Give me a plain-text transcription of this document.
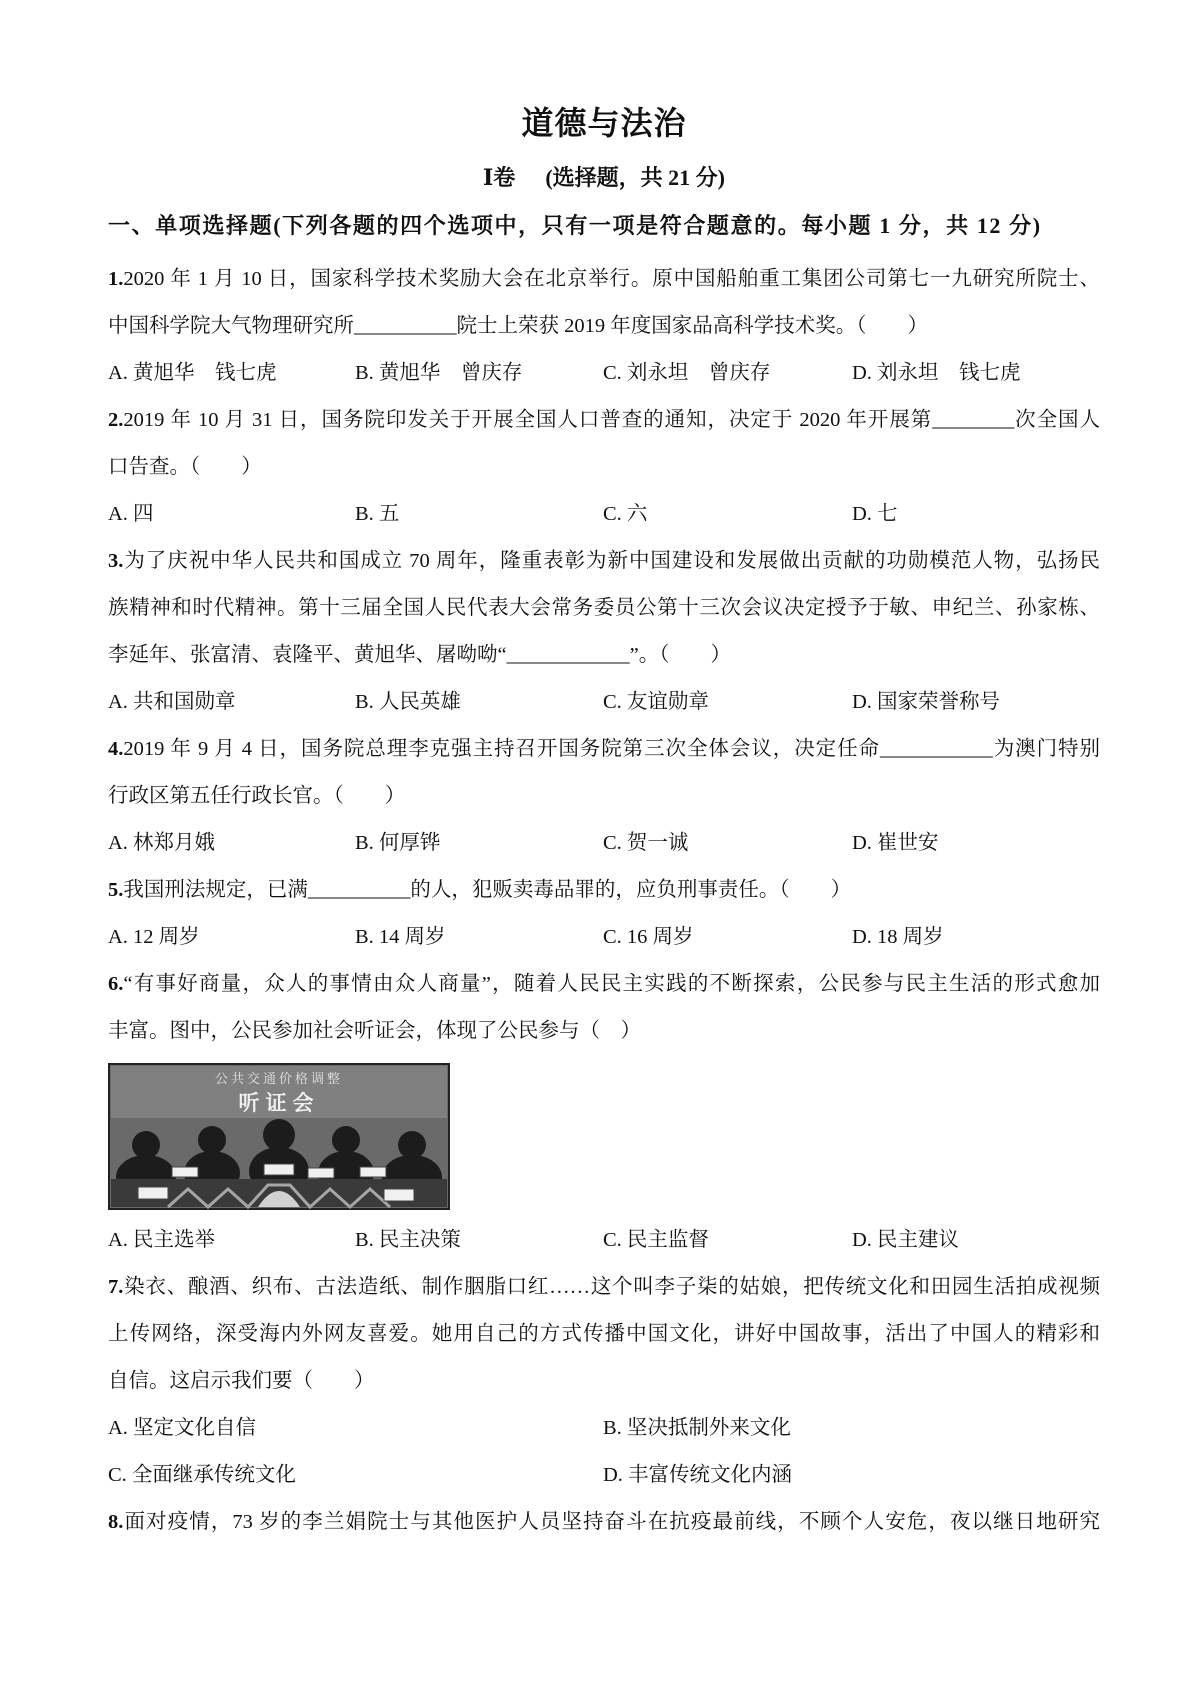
道德与法治
Ⅰ卷 (选择题，共 21 分)
一、单项选择题(下列各题的四个选项中，只有一项是符合题意的。每小题 1 分，共 12 分)
1.2020 年 1 月 10 日，国家科学技术奖励大会在北京举行。原中国船舶重工集团公司第七一九研究所院士、
中国科学院大气物理研究所__________院士上荣获 2019 年度国家品高科学技术奖。（　　）
A. 黄旭华　钱七虎	B. 黄旭华　曾庆存	C. 刘永坦　曾庆存	D. 刘永坦　钱七虎
2.2019 年 10 月 31 日，国务院印发关于开展全国人口普查的通知，决定于 2020 年开展第________次全国人
口告查。（　　）
A. 四	B. 五	C. 六	D. 七
3.为了庆祝中华人民共和国成立 70 周年，隆重表彰为新中国建设和发展做出贡献的功勋模范人物，弘扬民
族精神和时代精神。第十三届全国人民代表大会常务委员公第十三次会议决定授予于敏、申纪兰、孙家栋、
李延年、张富清、袁隆平、黄旭华、屠呦呦“____________”。（　　）
A. 共和国勋章	B. 人民英雄	C. 友谊勋章	D. 国家荣誉称号
4.2019 年 9 月 4 日，国务院总理李克强主持召开国务院第三次全体会议，决定任命___________为澳门特别
行政区第五任行政长官。（　　）
A. 林郑月娥	B. 何厚铧	C. 贺一诚	D. 崔世安
5.我国刑法规定，已满__________的人，犯贩卖毒品罪的，应负刑事责任。（　　）
A. 12 周岁	B. 14 周岁	C. 16 周岁	D. 18 周岁
6.“有事好商量，众人的事情由众人商量”，随着人民民主实践的不断探索，公民参与民主生活的形式愈加
丰富。图中，公民参加社会听证会，体现了公民参与（　）
公共交通价格调整
听证会
A. 民主选举	B. 民主决策	C. 民主监督	D. 民主建议
7.染衣、酿酒、织布、古法造纸、制作胭脂口红……这个叫李子柒的姑娘，把传统文化和田园生活拍成视频
上传网络，深受海内外网友喜爱。她用自己的方式传播中国文化，讲好中国故事，活出了中国人的精彩和
自信。这启示我们要（　　）
A. 坚定文化自信	B. 坚决抵制外来文化
C. 全面继承传统文化	D. 丰富传统文化内涵
8.面对疫情，73 岁的李兰娟院士与其他医护人员坚持奋斗在抗疫最前线，不顾个人安危，夜以继日地研究
